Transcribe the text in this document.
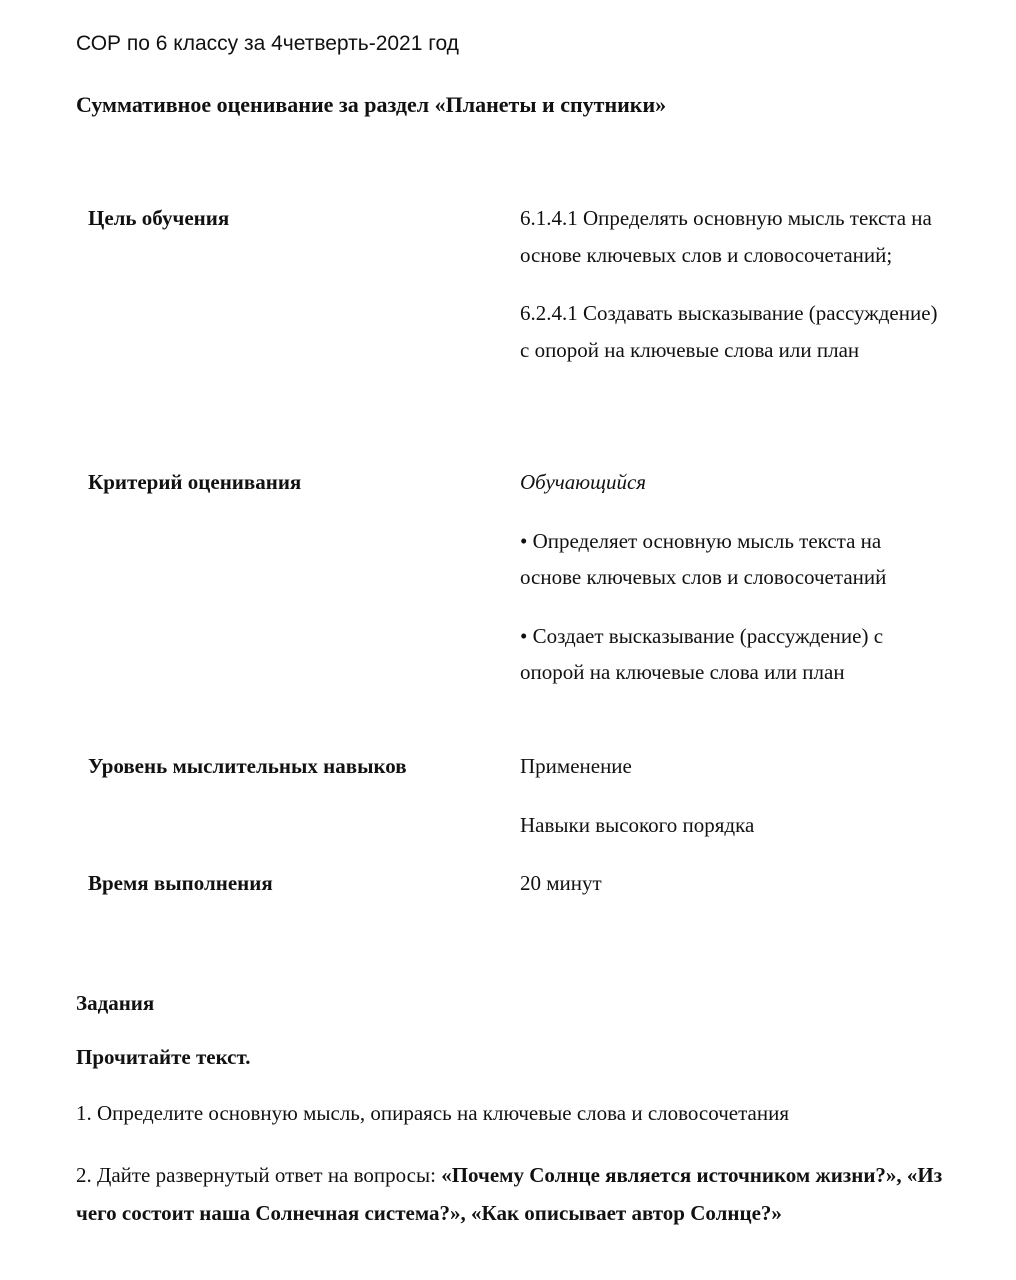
СОР по 6 классу за 4четверть-2021 год
Суммативное оценивание за раздел «Планеты и спутники»
Цель обучения	6.1.4.1 Определять основную мысль текста на основе ключевых слов и словосочетаний;

6.2.4.1 Создавать высказывание (рассуждение) с опорой на ключевые слова или план

Критерий оценивания	Обучающийся

• Определяет основную мысль текста на основе ключевых слов и словосочетаний

• Создает высказывание (рассуждение) с опорой на ключевые слова или план

Уровень мыслительных навыков	Применение

Навыки высокого порядка

Время выполнения	20 минут

Задания
Прочитайте текст.
1. Определите основную мысль, опираясь на ключевые слова и словосочетания
2. Дайте развернутый ответ на вопросы: «Почему Солнце является источником жизни?», «Из чего состоит наша Солнечная система?», «Как описывает автор Солнце?»
